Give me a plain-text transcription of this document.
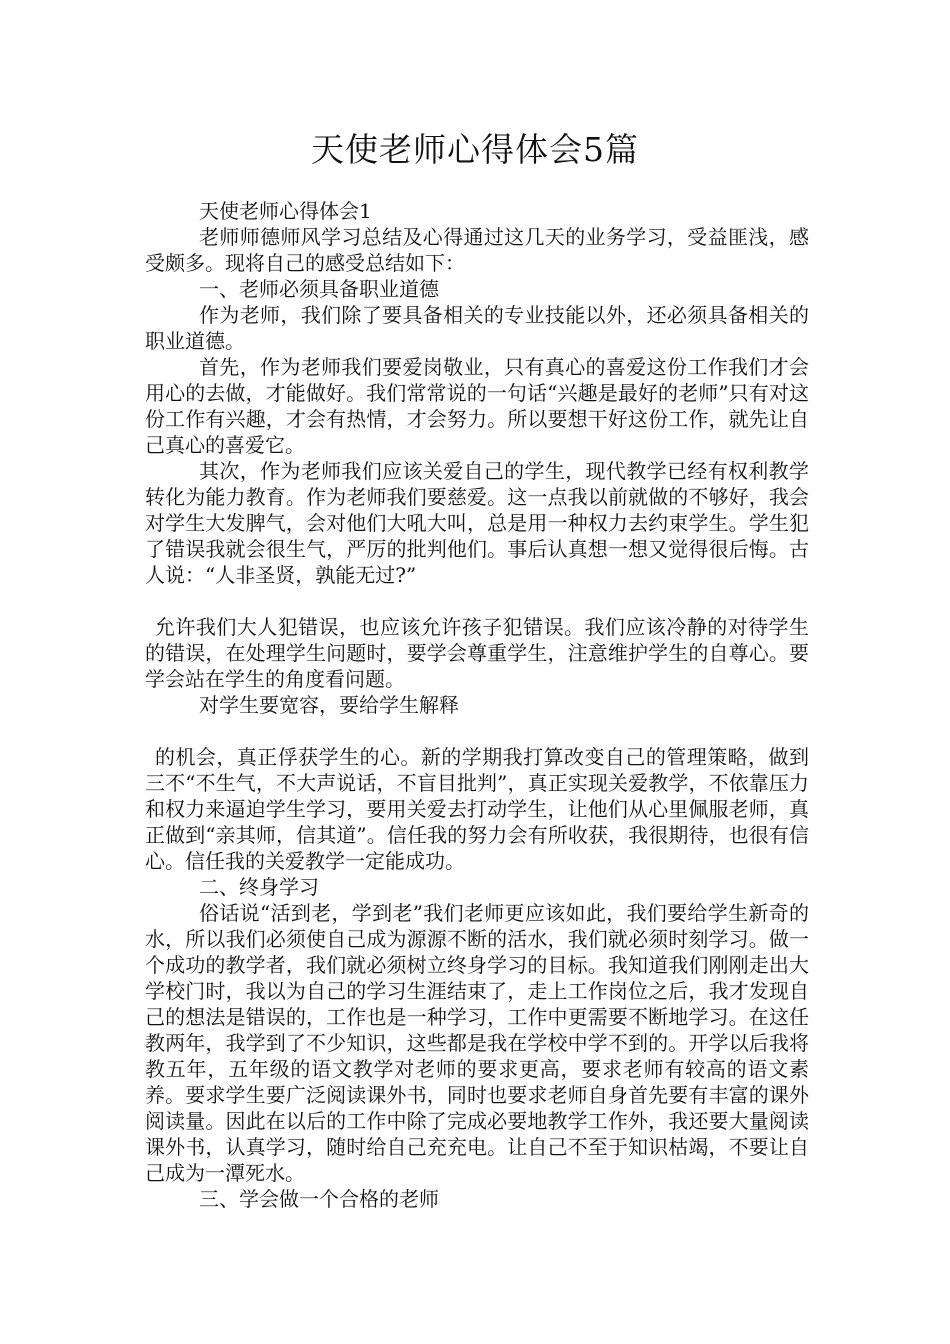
天使老师心得体会5篇

天使老师心得体会1

老师师德师风学习总结及心得通过这几天的业务学习，受益匪浅，感受颇多。现将自己的感受总结如下：

一、老师必须具备职业道德

作为老师，我们除了要具备相关的专业技能以外，还必须具备相关的职业道德。

首先，作为老师我们要爱岗敬业，只有真心的喜爱这份工作我们才会用心的去做，才能做好。我们常常说的一句话“兴趣是最好的老师”只有对这份工作有兴趣，才会有热情，才会努力。所以要想干好这份工作，就先让自己真心的喜爱它。

其次，作为老师我们应该关爱自己的学生，现代教学已经有权利教学转化为能力教育。作为老师我们要慈爱。这一点我以前就做的不够好，我会对学生大发脾气，会对他们大吼大叫，总是用一种权力去约束学生。学生犯了错误我就会很生气，严厉的批判他们。事后认真想一想又觉得很后悔。古人说：“人非圣贤，孰能无过?”

允许我们大人犯错误，也应该允许孩子犯错误。我们应该冷静的对待学生的错误，在处理学生问题时，要学会尊重学生，注意维护学生的自尊心。要学会站在学生的角度看问题。

对学生要宽容，要给学生解释

的机会，真正俘获学生的心。新的学期我打算改变自己的管理策略，做到三不“不生气，不大声说话，不盲目批判”，真正实现关爱教学，不依靠压力和权力来逼迫学生学习，要用关爱去打动学生，让他们从心里佩服老师，真正做到“亲其师，信其道”。信任我的努力会有所收获，我很期待，也很有信心。信任我的关爱教学一定能成功。

二、终身学习

俗话说“活到老，学到老”我们老师更应该如此，我们要给学生新奇的水，所以我们必须使自己成为源源不断的活水，我们就必须时刻学习。做一个成功的教学者，我们就必须树立终身学习的目标。我知道我们刚刚走出大学校门时，我以为自己的学习生涯结束了，走上工作岗位之后，我才发现自己的想法是错误的，工作也是一种学习，工作中更需要不断地学习。在这任教两年，我学到了不少知识，这些都是我在学校中学不到的。开学以后我将教五年，五年级的语文教学对老师的要求更高，要求老师有较高的语文素养。要求学生要广泛阅读课外书，同时也要求老师自身首先要有丰富的课外阅读量。因此在以后的工作中除了完成必要地教学工作外，我还要大量阅读课外书，认真学习，随时给自己充充电。让自己不至于知识枯竭，不要让自己成为一潭死水。

三、学会做一个合格的老师
